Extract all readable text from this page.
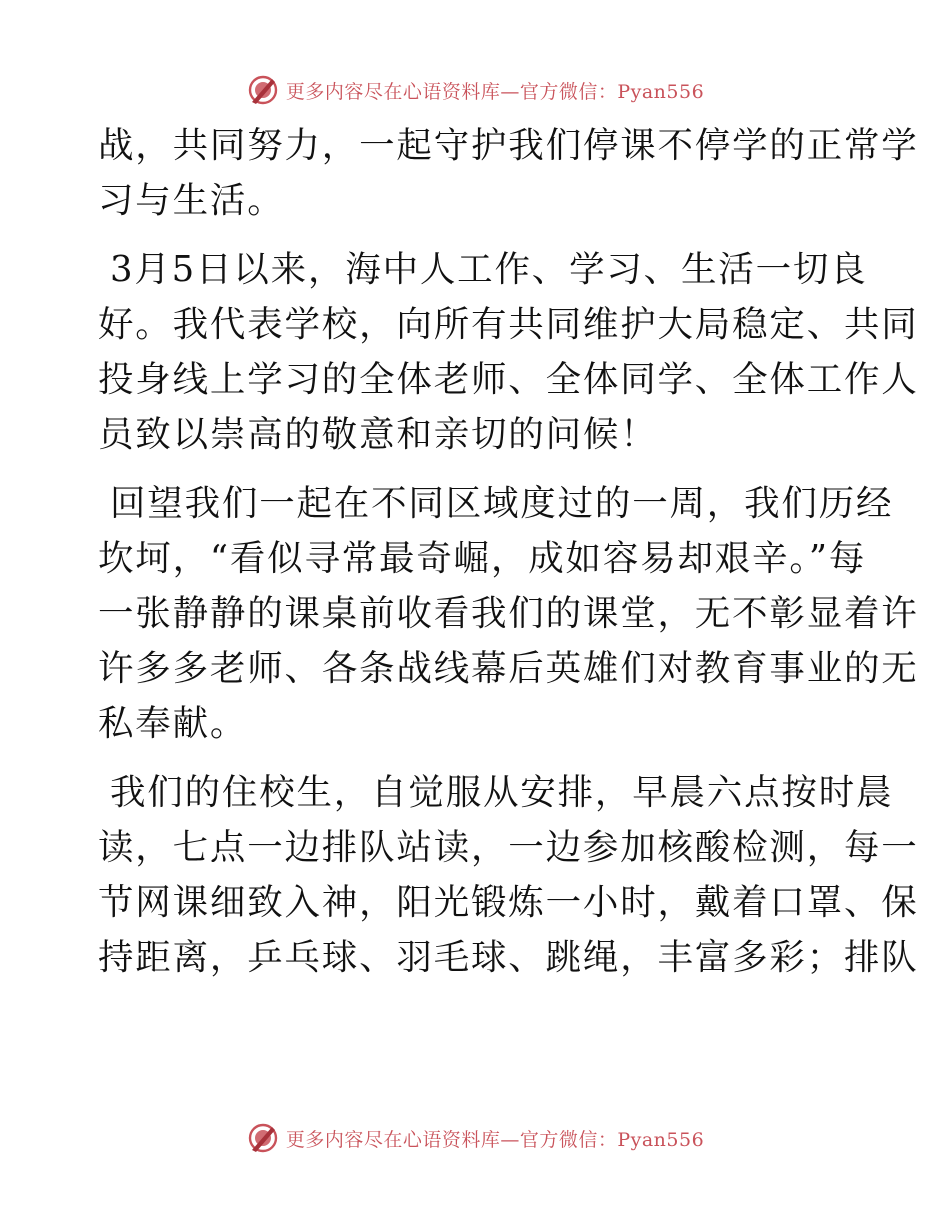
更多内容尽在心语资料库—官方微信：Pyan556

战，共同努力，一起守护我们停课不停学的正常学
习与生活。

3月5日以来，海中人工作、学习、生活一切良
好。我代表学校，向所有共同维护大局稳定、共同
投身线上学习的全体老师、全体同学、全体工作人
员致以崇高的敬意和亲切的问候！

回望我们一起在不同区域度过的一周，我们历经
坎坷，“看似寻常最奇崛，成如容易却艰辛。”每
一张静静的课桌前收看我们的课堂，无不彰显着许
许多多老师、各条战线幕后英雄们对教育事业的无
私奉献。

我们的住校生，自觉服从安排，早晨六点按时晨
读，七点一边排队站读，一边参加核酸检测，每一
节网课细致入神，阳光锻炼一小时，戴着口罩、保
持距离，乒乓球、羽毛球、跳绳，丰富多彩；排队

更多内容尽在心语资料库—官方微信：Pyan556
